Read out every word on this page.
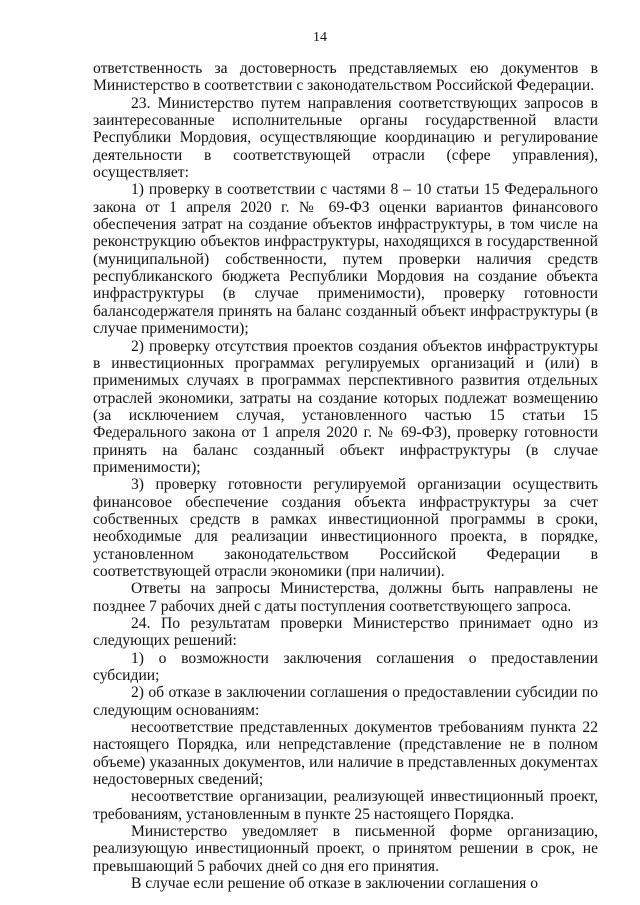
14

ответственность за достоверность представляемых ею документов в Министерство в соответствии с законодательством Российской Федерации.

23. Министерство путем направления соответствующих запросов в заинтересованные исполнительные органы государственной власти Республики Мордовия, осуществляющие координацию и регулирование деятельности в соответствующей отрасли (сфере управления), осуществляет:

1) проверку в соответствии с частями 8 – 10 статьи 15 Федерального закона от 1 апреля 2020 г. № 69-ФЗ оценки вариантов финансового обеспечения затрат на создание объектов инфраструктуры, в том числе на реконструкцию объектов инфраструктуры, находящихся в государственной (муниципальной) собственности, путем проверки наличия средств республиканского бюджета Республики Мордовия на создание объекта инфраструктуры (в случае применимости), проверку готовности балансодержателя принять на баланс созданный объект инфраструктуры (в случае применимости);

2) проверку отсутствия проектов создания объектов инфраструктуры в инвестиционных программах регулируемых организаций и (или) в применимых случаях в программах перспективного развития отдельных отраслей экономики, затраты на создание которых подлежат возмещению (за исключением случая, установленного частью 15 статьи 15 Федерального закона от 1 апреля 2020 г. № 69-ФЗ), проверку готовности принять на баланс созданный объект инфраструктуры (в случае применимости);

3) проверку готовности регулируемой организации осуществить финансовое обеспечение создания объекта инфраструктуры за счет собственных средств в рамках инвестиционной программы в сроки, необходимые для реализации инвестиционного проекта, в порядке, установленном законодательством Российской Федерации в соответствующей отрасли экономики (при наличии).

Ответы на запросы Министерства, должны быть направлены не позднее 7 рабочих дней с даты поступления соответствующего запроса.

24. По результатам проверки Министерство принимает одно из следующих решений:

1) о возможности заключения соглашения о предоставлении субсидии;

2) об отказе в заключении соглашения о предоставлении субсидии по следующим основаниям:

несоответствие представленных документов требованиям пункта 22 настоящего Порядка, или непредставление (представление не в полном объеме) указанных документов, или наличие в представленных документах недостоверных сведений;

несоответствие организации, реализующей инвестиционный проект, требованиям, установленным в пункте 25 настоящего Порядка.

Министерство уведомляет в письменной форме организацию, реализующую инвестиционный проект, о принятом решении в срок, не превышающий 5 рабочих дней со дня его принятия.

В случае если решение об отказе в заключении соглашения о
